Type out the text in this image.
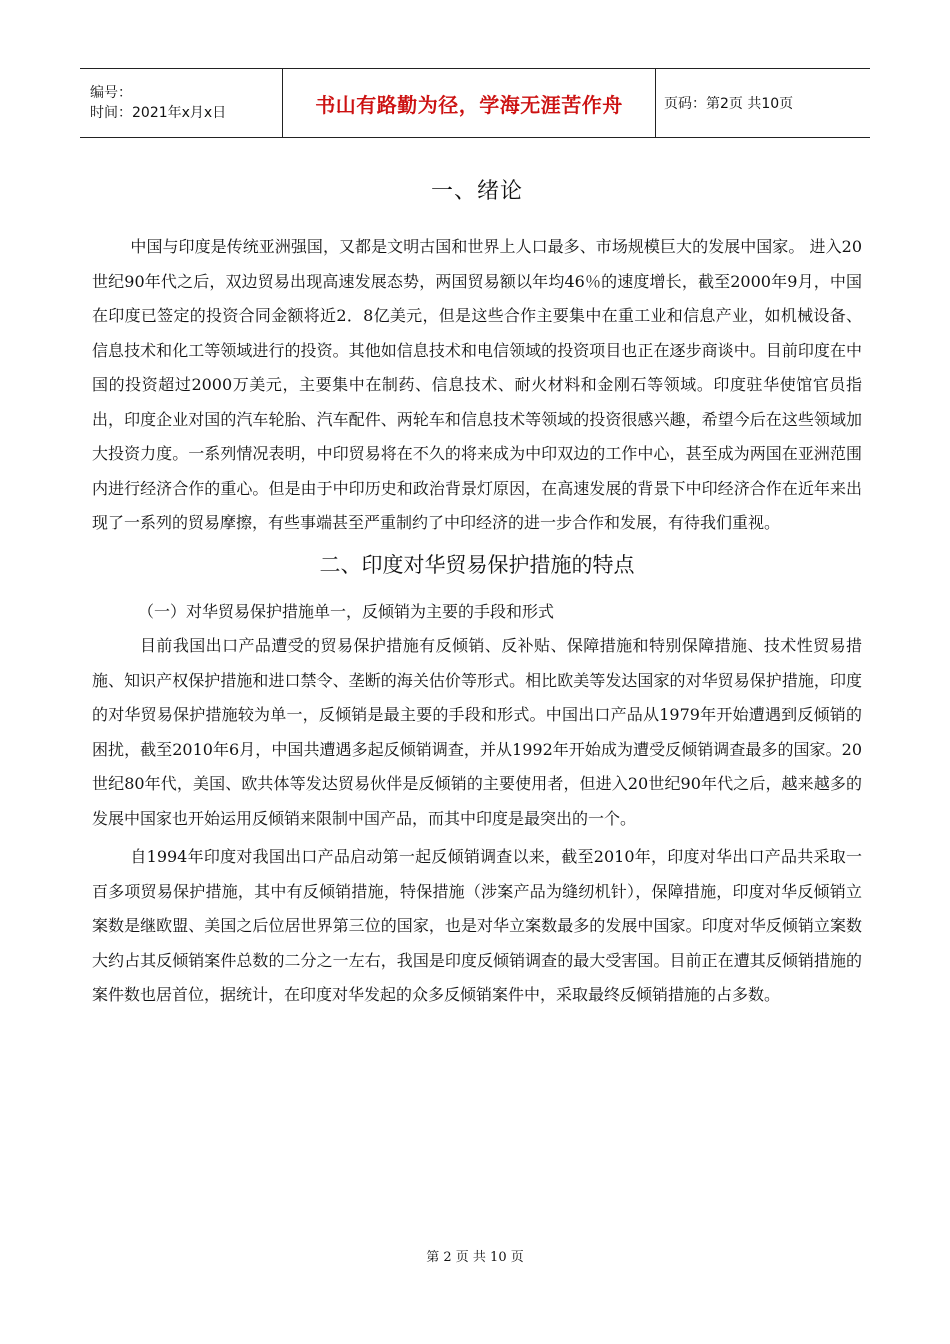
编号：
时间：2021年x月x日	书山有路勤为径，学海无涯苦作舟	页码：第2页 共10页
一、绪论

中国与印度是传统亚洲强国，又都是文明古国和世界上人口最多、市场规模巨大的发展中国家。 进入20世纪90年代之后，双边贸易出现高速发展态势，两国贸易额以年均46％的速度增长，截至2000年9月，中国在印度已签定的投资合同金额将近2．8亿美元，但是这些合作主要集中在重工业和信息产业，如机械设备、信息技术和化工等领域进行的投资。其他如信息技术和电信领域的投资项目也正在逐步商谈中。目前印度在中国的投资超过2000万美元，主要集中在制药、信息技术、耐火材料和金刚石等领域。印度驻华使馆官员指出，印度企业对国的汽车轮胎、汽车配件、两轮车和信息技术等领域的投资很感兴趣，希望今后在这些领域加大投资力度。一系列情况表明，中印贸易将在不久的将来成为中印双边的工作中心，甚至成为两国在亚洲范围内进行经济合作的重心。但是由于中印历史和政治背景灯原因，在高速发展的背景下中印经济合作在近年来出现了一系列的贸易摩擦，有些事端甚至严重制约了中印经济的进一步合作和发展，有待我们重视。

二、印度对华贸易保护措施的特点

（一）对华贸易保护措施单一，反倾销为主要的手段和形式

目前我国出口产品遭受的贸易保护措施有反倾销、反补贴、保障措施和特别保障措施、技术性贸易措施、知识产权保护措施和进口禁令、垄断的海关估价等形式。相比欧美等发达国家的对华贸易保护措施，印度的对华贸易保护措施较为单一，反倾销是最主要的手段和形式。中国出口产品从1979年开始遭遇到反倾销的困扰，截至2010年6月，中国共遭遇多起反倾销调查，并从1992年开始成为遭受反倾销调查最多的国家。20世纪80年代，美国、欧共体等发达贸易伙伴是反倾销的主要使用者，但进入20世纪90年代之后，越来越多的发展中国家也开始运用反倾销来限制中国产品，而其中印度是最突出的一个。

自1994年印度对我国出口产品启动第一起反倾销调查以来，截至2010年，印度对华出口产品共采取一百多项贸易保护措施，其中有反倾销措施，特保措施（涉案产品为缝纫机针），保障措施，印度对华反倾销立案数是继欧盟、美国之后位居世界第三位的国家，也是对华立案数最多的发展中国家。印度对华反倾销立案数大约占其反倾销案件总数的二分之一左右，我国是印度反倾销调查的最大受害国。目前正在遭其反倾销措施的案件数也居首位，据统计，在印度对华发起的众多反倾销案件中，采取最终反倾销措施的占多数。

第 2 页 共 10 页
